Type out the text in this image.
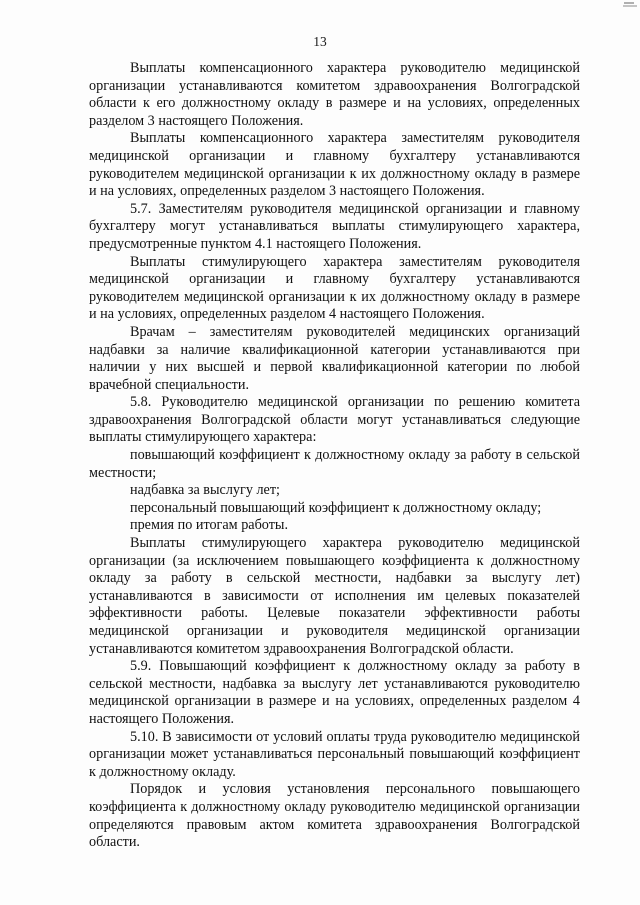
13

Выплаты компенсационного характера руководителю медицинской организации устанавливаются комитетом здравоохранения Волгоградской области к его должностному окладу в размере и на условиях, определенных разделом 3 настоящего Положения.

Выплаты компенсационного характера заместителям руководителя медицинской организации и главному бухгалтеру устанавливаются руководителем медицинской организации к их должностному окладу в размере и на условиях, определенных разделом 3 настоящего Положения.

5.7. Заместителям руководителя медицинской организации и главному бухгалтеру могут устанавливаться выплаты стимулирующего характера, предусмотренные пунктом 4.1 настоящего Положения.

Выплаты стимулирующего характера заместителям руководителя медицинской организации и главному бухгалтеру устанавливаются руководителем медицинской организации к их должностному окладу в размере и на условиях, определенных разделом 4 настоящего Положения.

Врачам – заместителям руководителей медицинских организаций надбавки за наличие квалификационной категории устанавливаются при наличии у них высшей и первой квалификационной категории по любой врачебной специальности.

5.8. Руководителю медицинской организации по решению комитета здравоохранения Волгоградской области могут устанавливаться следующие выплаты стимулирующего характера:

повышающий коэффициент к должностному окладу за работу в сельской местности;

надбавка за выслугу лет;

персональный повышающий коэффициент к должностному окладу;

премия по итогам работы.

Выплаты стимулирующего характера руководителю медицинской организации (за исключением повышающего коэффициента к должностному окладу за работу в сельской местности, надбавки за выслугу лет) устанавливаются в зависимости от исполнения им целевых показателей эффективности работы. Целевые показатели эффективности работы медицинской организации и руководителя медицинской организации устанавливаются комитетом здравоохранения Волгоградской области.

5.9. Повышающий коэффициент к должностному окладу за работу в сельской местности, надбавка за выслугу лет устанавливаются руководителю медицинской организации в размере и на условиях, определенных разделом 4 настоящего Положения.

5.10. В зависимости от условий оплаты труда руководителю медицинской организации может устанавливаться персональный повышающий коэффициент к должностному окладу.

Порядок и условия установления персонального повышающего коэффициента к должностному окладу руководителю медицинской организации определяются правовым актом комитета здравоохранения Волгоградской области.
